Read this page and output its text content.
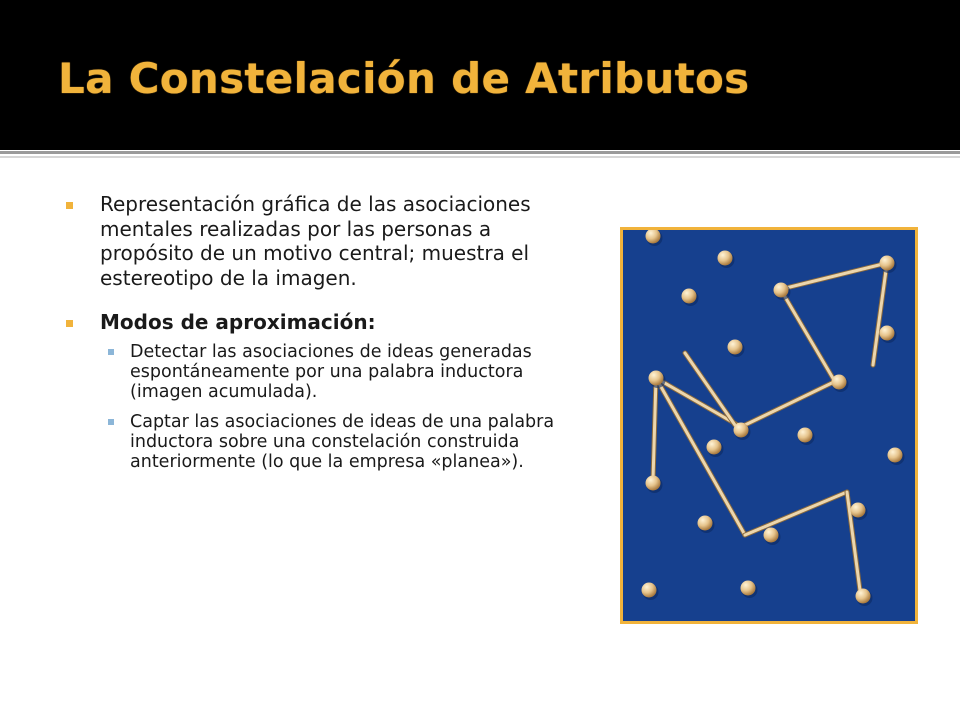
La Constelación de Atributos
Representación gráfica de las asociaciones mentales realizadas por las personas a propósito de un motivo central; muestra el estereotipo de la imagen.
Modos de aproximación:
Detectar las asociaciones de ideas generadas espontáneamente por una palabra inductora (imagen acumulada).
Captar las asociaciones de ideas de una palabra inductora sobre una constelación construida anteriormente (lo que la empresa «planea»).
